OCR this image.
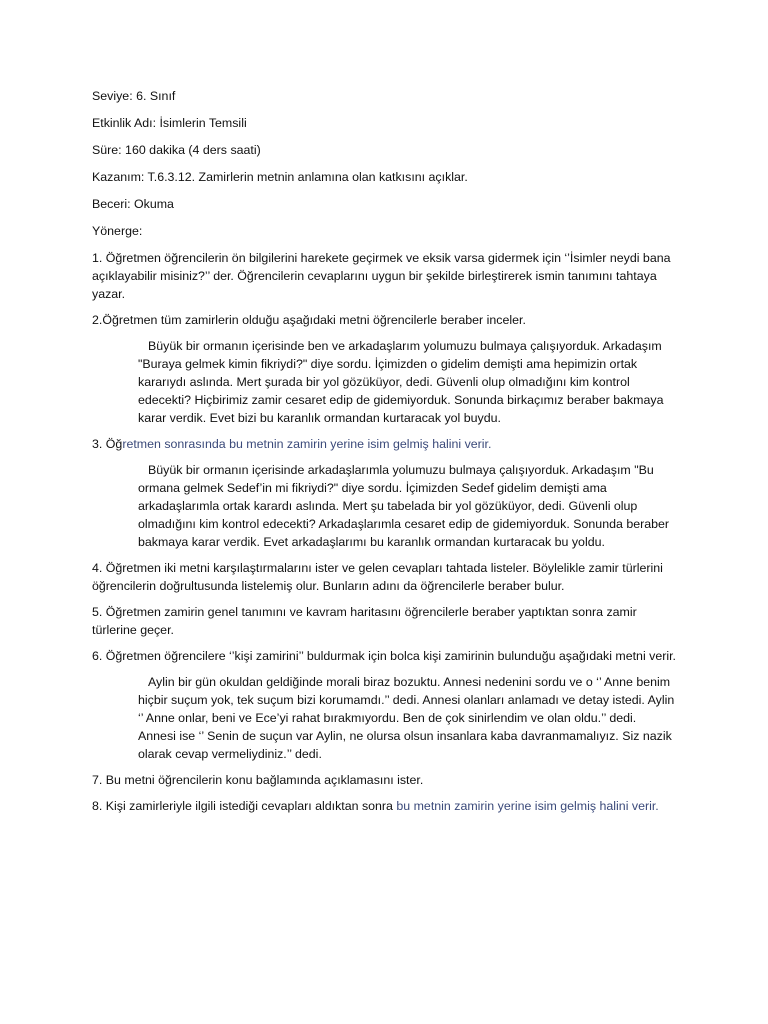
Seviye: 6. Sınıf

Etkinlik Adı: İsimlerin Temsili

Süre: 160 dakika (4 ders saati)

Kazanım: T.6.3.12. Zamirlerin metnin anlamına olan katkısını açıklar.

Beceri: Okuma

Yönerge:

1. Öğretmen öğrencilerin ön bilgilerini harekete geçirmek ve eksik varsa gidermek için ‘’İsimler neydi bana açıklayabilir misiniz?’’ der. Öğrencilerin cevaplarını uygun bir şekilde birleştirerek ismin tanımını tahtaya yazar.

2.Öğretmen tüm zamirlerin olduğu aşağıdaki metni öğrencilerle beraber inceler.

Büyük bir ormanın içerisinde ben ve arkadaşlarım yolumuzu bulmaya çalışıyorduk. Arkadaşım "Buraya gelmek kimin fikriydi?" diye sordu. İçimizden o gidelim demişti ama hepimizin ortak kararıydı aslında. Mert şurada bir yol gözüküyor, dedi. Güvenli olup olmadığını kim kontrol edecekti? Hiçbirimiz zamir cesaret edip de gidemiyorduk. Sonunda birkaçımız beraber bakmaya karar verdik. Evet bizi bu karanlık ormandan kurtaracak yol buydu.

3. Öğretmen sonrasında bu metnin zamirin yerine isim gelmiş halini verir.

Büyük bir ormanın içerisinde arkadaşlarımla yolumuzu bulmaya çalışıyorduk. Arkadaşım "Bu ormana gelmek Sedef’in mi fikriydi?" diye sordu. İçimizden Sedef gidelim demişti ama arkadaşlarımla ortak karardı aslında. Mert şu tabelada bir yol gözüküyor, dedi. Güvenli olup olmadığını kim kontrol edecekti? Arkadaşlarımla cesaret edip de gidemiyorduk. Sonunda beraber bakmaya karar verdik. Evet arkadaşlarımı bu karanlık ormandan kurtaracak bu yoldu.

4. Öğretmen iki metni karşılaştırmalarını ister ve gelen cevapları tahtada listeler. Böylelikle zamir türlerini öğrencilerin doğrultusunda listelemiş olur. Bunların adını da öğrencilerle beraber bulur.

5. Öğretmen zamirin genel tanımını ve kavram haritasını öğrencilerle beraber yaptıktan sonra zamir türlerine geçer.

6. Öğretmen öğrencilere ‘’kişi zamirini’’ buldurmak için bolca kişi zamirinin bulunduğu aşağıdaki metni verir.

Aylin bir gün okuldan geldiğinde morali biraz bozuktu. Annesi nedenini sordu ve o ‘’ Anne benim hiçbir suçum yok, tek suçum bizi korumamdı.’’ dedi. Annesi olanları anlamadı ve detay istedi. Aylin ‘’ Anne onlar, beni ve Ece’yi rahat bırakmıyordu. Ben de çok sinirlendim ve olan oldu.’’ dedi. Annesi ise ‘’ Senin de suçun var Aylin, ne olursa olsun insanlara kaba davranmamalıyız. Siz nazik olarak cevap vermeliydiniz.’’ dedi.

7. Bu metni öğrencilerin konu bağlamında açıklamasını ister.

8. Kişi zamirleriyle ilgili istediği cevapları aldıktan sonra bu metnin zamirin yerine isim gelmiş halini verir.
